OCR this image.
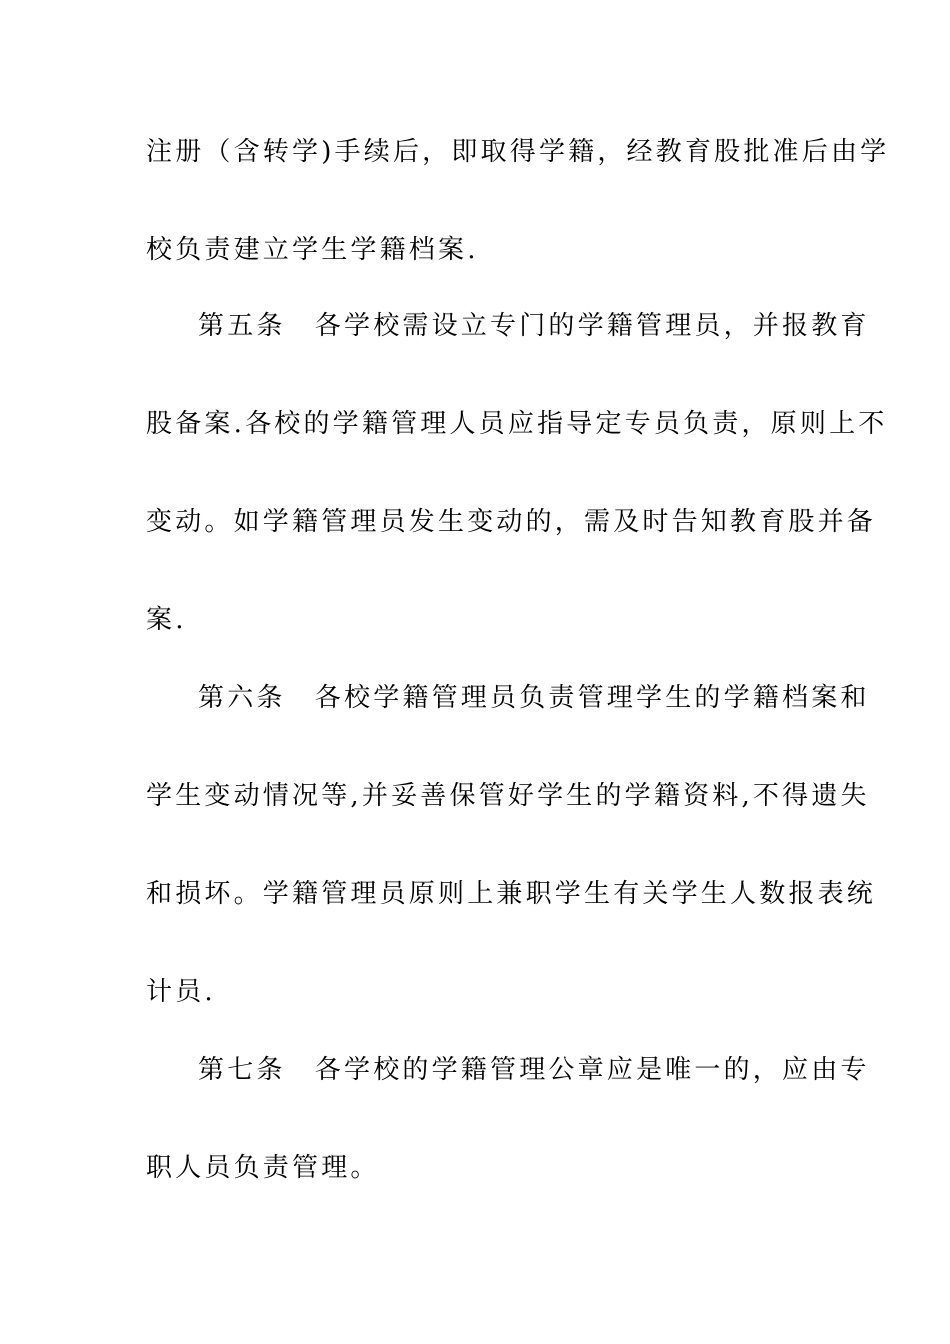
注册（含转学)手续后，即取得学籍，经教育股批准后由学
校负责建立学生学籍档案.
第五条　各学校需设立专门的学籍管理员，并报教育
股备案.各校的学籍管理人员应指导定专员负责，原则上不
变动。如学籍管理员发生变动的，需及时告知教育股并备
案.
第六条　各校学籍管理员负责管理学生的学籍档案和
学生变动情况等,并妥善保管好学生的学籍资料,不得遗失
和损坏。学籍管理员原则上兼职学生有关学生人数报表统
计员.
第七条　各学校的学籍管理公章应是唯一的，应由专
职人员负责管理。
